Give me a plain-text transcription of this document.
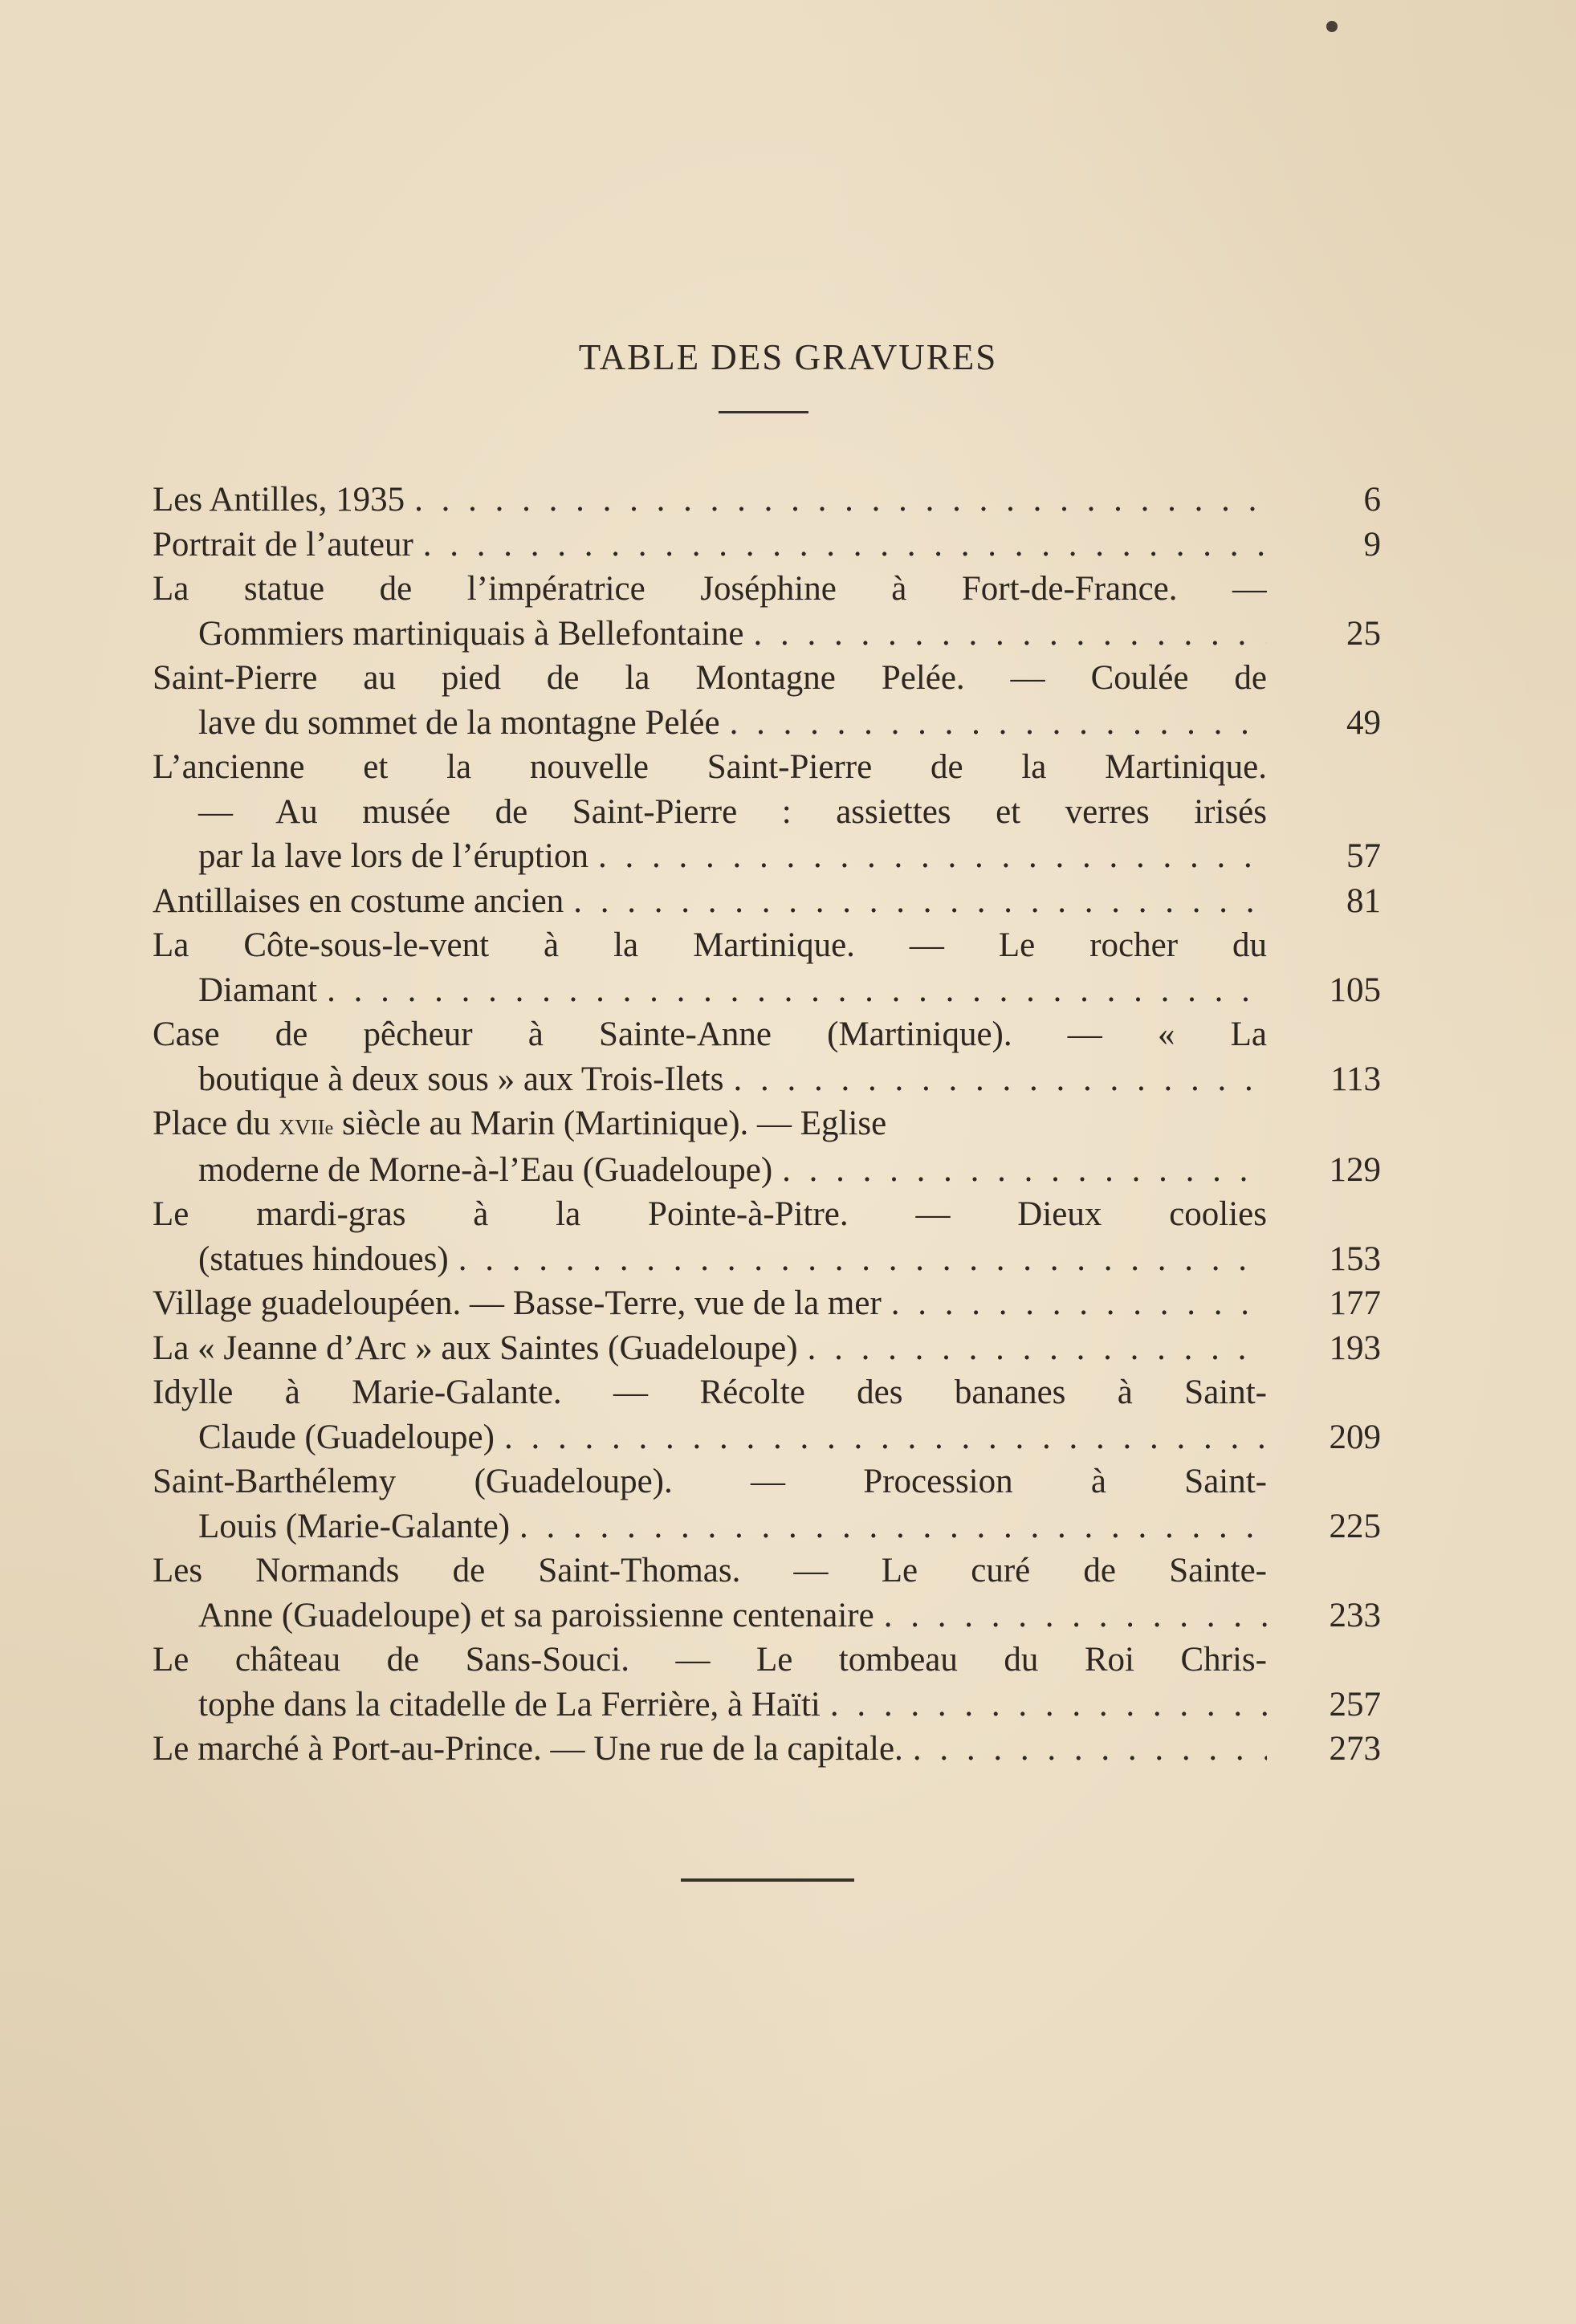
TABLE DES GRAVURES
Les Antilles, 1935 . . .	6
Portrait de l’auteur . . .	9
La statue de l’impératrice Joséphine à Fort-de-France. —
Gommiers martiniquais à Bellefontaine . . .	25
Saint-Pierre au pied de la Montagne Pelée. — Coulée de
lave du sommet de la montagne Pelée . . .	49
L’ancienne et la nouvelle Saint-Pierre de la Martinique.
— Au musée de Saint-Pierre : assiettes et verres irisés
par la lave lors de l’éruption . . .	57
Antillaises en costume ancien . . .	81
La Côte-sous-le-vent à la Martinique. — Le rocher du
Diamant . . .	105
Case de pêcheur à Sainte-Anne (Martinique). — « La
boutique à deux sous » aux Trois-Ilets . . .	113
Place du xvii e siècle au Marin (Martinique). — Eglise
moderne de Morne-à-l’Eau (Guadeloupe) . . .	129
Le mardi-gras à la Pointe-à-Pitre. — Dieux coolies
(statues hindoues) . . .	153
Village guadeloupéen. — Basse-Terre, vue de la mer . . .	177
La « Jeanne d’Arc » aux Saintes (Guadeloupe) . . .	193
Idylle à Marie-Galante. — Récolte des bananes à Saint-
Claude (Guadeloupe) . . .	209
Saint-Barthélemy (Guadeloupe). — Procession à Saint-
Louis (Marie-Galante) . . .	225
Les Normands de Saint-Thomas. — Le curé de Sainte-
Anne (Guadeloupe) et sa paroissienne centenaire . . .	233
Le château de Sans-Souci. — Le tombeau du Roi Chris-
tophe dans la citadelle de La Ferrière, à Haïti . . .	257
Le marché à Port-au-Prince. — Une rue de la capitale. . . .	273
